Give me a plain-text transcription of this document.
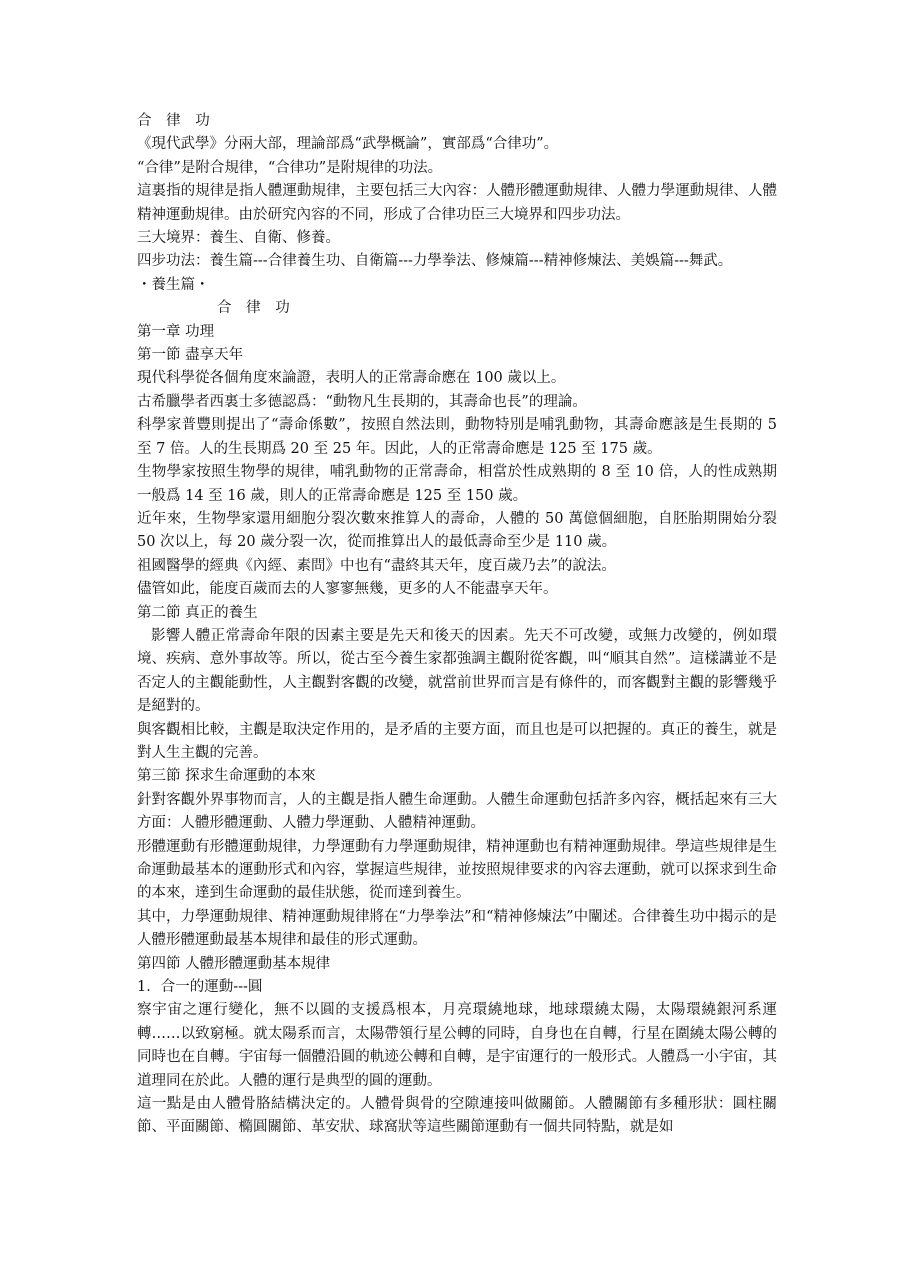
合 律 功

《現代武學》分兩大部，理論部爲“武學概論”，實部爲“合律功”。

“合律”是附合規律，“合律功”是附規律的功法。

這裏指的規律是指人體運動規律，主要包括三大內容：人體形體運動規律、人體力學運動規律、人體精神運動規律。由於研究內容的不同，形成了合律功臣三大境界和四步功法。

三大境界：養生、自衛、修養。

四步功法：養生篇---合律養生功、自衛篇---力學拳法、修煉篇---精神修煉法、美娛篇---舞武。

・養生篇・

合 律 功

第一章 功理

第一節 盡享天年

現代科學從各個角度來論證，表明人的正常壽命應在 100 歲以上。

古希臘學者西裏士多德認爲：“動物凡生長期的，其壽命也長”的理論。

科學家普豐則提出了“壽命係數”，按照自然法則，動物特別是哺乳動物，其壽命應該是生長期的 5 至 7 倍。人的生長期爲 20 至 25 年。因此，人的正常壽命應是 125 至 175 歲。

生物學家按照生物學的規律，哺乳動物的正常壽命，相當於性成熟期的 8 至 10 倍，人的性成熟期一般爲 14 至 16 歲，則人的正常壽命應是 125 至 150 歲。

近年來，生物學家還用細胞分裂次數來推算人的壽命，人體的 50 萬億個細胞，自胚胎期開始分裂 50 次以上，每 20 歲分裂一次，從而推算出人的最低壽命至少是 110 歲。

祖國醫學的經典《內經、素問》中也有“盡終其天年，度百歲乃去”的說法。

儘管如此，能度百歲而去的人寥寥無幾，更多的人不能盡享天年。

第二節 真正的養生

影響人體正常壽命年限的因素主要是先天和後天的因素。先天不可改變，或無力改變的，例如環境、疾病、意外事故等。所以，從古至今養生家都強調主觀附從客觀，叫“順其自然”。這樣講並不是否定人的主觀能動性，人主觀對客觀的改變，就當前世界而言是有條件的，而客觀對主觀的影響幾乎是絕對的。

與客觀相比較，主觀是取決定作用的，是矛盾的主要方面，而且也是可以把握的。真正的養生，就是對人生主觀的完善。

第三節 探求生命運動的本來

針對客觀外界事物而言，人的主觀是指人體生命運動。人體生命運動包括許多內容，概括起來有三大方面：人體形體運動、人體力學運動、人體精神運動。

形體運動有形體運動規律，力學運動有力學運動規律，精神運動也有精神運動規律。學這些規律是生命運動最基本的運動形式和內容，掌握這些規律，並按照規律要求的內容去運動，就可以探求到生命的本來，達到生命運動的最佳狀態，從而達到養生。

其中，力學運動規律、精神運動規律將在“力學拳法”和“精神修煉法”中闡述。合律養生功中揭示的是人體形體運動最基本規律和最佳的形式運動。

第四節 人體形體運動基本規律

1．合一的運動---圓

察宇宙之運行變化，無不以圓的支援爲根本，月亮環繞地球，地球環繞太陽，太陽環繞銀河系運轉……以致窮極。就太陽系而言，太陽帶領行星公轉的同時，自身也在自轉，行星在圍繞太陽公轉的同時也在自轉。宇宙每一個體沿圓的軌迹公轉和自轉，是宇宙運行的一般形式。人體爲一小宇宙，其道理同在於此。人體的運行是典型的圓的運動。

這一點是由人體骨胳結構決定的。人體骨與骨的空隙連接叫做關節。人體關節有多種形狀：圓柱關節、平面關節、橢圓關節、革安狀、球窩狀等這些關節運動有一個共同特點，就是如
